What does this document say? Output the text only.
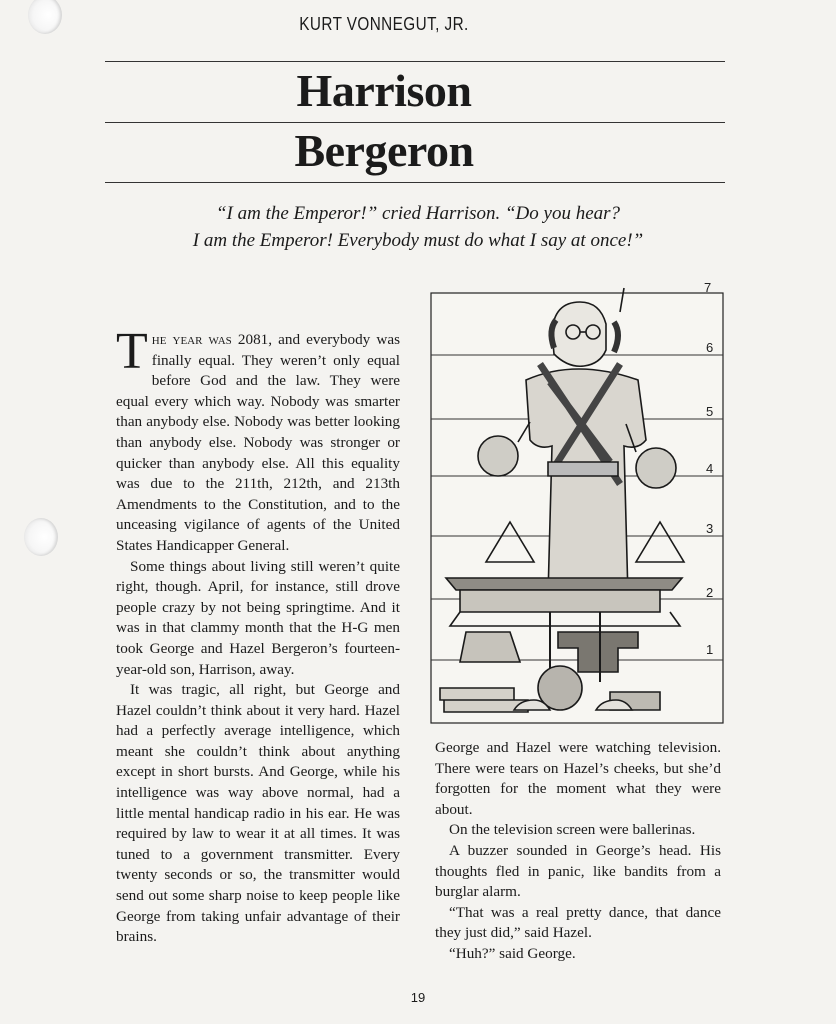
KURT VONNEGUT, JR.
Harrison
Bergeron
“I am the Emperor!” cried Harrison. “Do you hear?
I am the Emperor! Everybody must do what I say at once!”

The year was 2081, and everybody was finally equal. They weren’t only equal before God and the law. They were equal every which way. Nobody was smarter than anybody else. Nobody was better looking than anybody else. Nobody was stronger or quicker than anybody else. All this equality was due to the 211th, 212th, and 213th Amendments to the Constitution, and to the unceasing vigilance of agents of the United States Handicapper General.

Some things about living still weren’t quite right, though. April, for instance, still drove people crazy by not being springtime. And it was in that clammy month that the H-G men took George and Hazel Bergeron’s fourteen-year-old son, Harrison, away.

It was tragic, all right, but George and Hazel couldn’t think about it very hard. Hazel had a perfectly average intelligence, which meant she couldn’t think about anything except in short bursts. And George, while his intelligence was way above normal, had a little mental handicap radio in his ear. He was required by law to wear it at all times. It was tuned to a government transmitter. Every twenty seconds or so, the transmitter would send out some sharp noise to keep people like George from taking unfair advantage of their brains.

7
6
5
4
3
2
1

George and Hazel were watching television. There were tears on Hazel’s cheeks, but she’d forgotten for the moment what they were about.

On the television screen were ballerinas.

A buzzer sounded in George’s head. His thoughts fled in panic, like bandits from a burglar alarm.

“That was a real pretty dance, that dance they just did,” said Hazel.

“Huh?” said George.

19
